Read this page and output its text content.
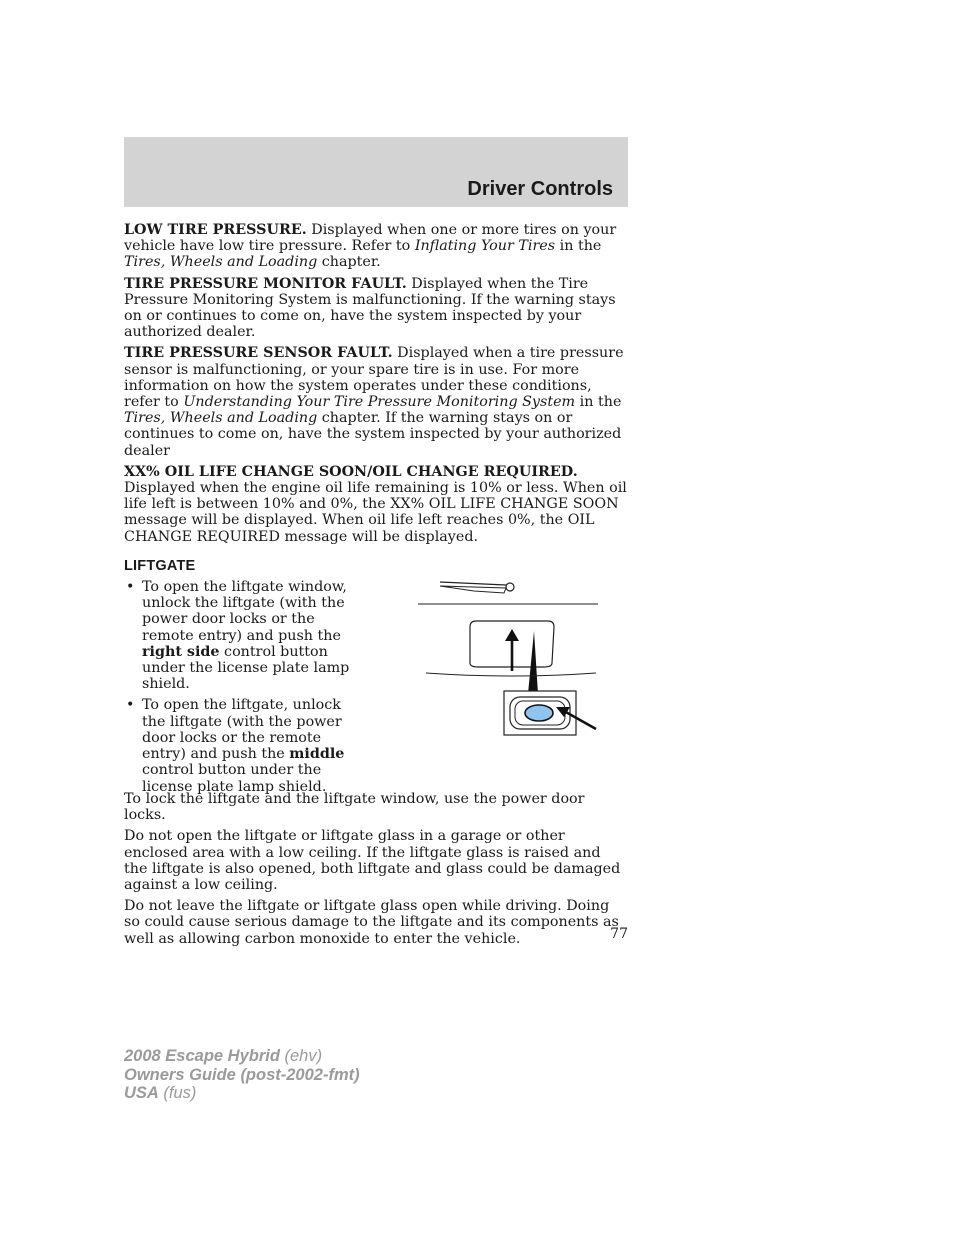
Driver Controls

LOW TIRE PRESSURE. Displayed when one or more tires on your vehicle have low tire pressure. Refer to Inflating Your Tires in the Tires, Wheels and Loading chapter.

TIRE PRESSURE MONITOR FAULT. Displayed when the Tire Pressure Monitoring System is malfunctioning. If the warning stays on or continues to come on, have the system inspected by your authorized dealer.

TIRE PRESSURE SENSOR FAULT. Displayed when a tire pressure sensor is malfunctioning, or your spare tire is in use. For more information on how the system operates under these conditions, refer to Understanding Your Tire Pressure Monitoring System in the Tires, Wheels and Loading chapter. If the warning stays on or continues to come on, have the system inspected by your authorized dealer

XX% OIL LIFE CHANGE SOON/OIL CHANGE REQUIRED.
Displayed when the engine oil life remaining is 10% or less. When oil life left is between 10% and 0%, the XX% OIL LIFE CHANGE SOON message will be displayed. When oil life left reaches 0%, the OIL CHANGE REQUIRED message will be displayed.

LIFTGATE
• To open the liftgate window, unlock the liftgate (with the power door locks or the remote entry) and push the right side control button under the license plate lamp shield.
• To open the liftgate, unlock the liftgate (with the power door locks or the remote entry) and push the middle control button under the license plate lamp shield.

To lock the liftgate and the liftgate window, use the power door locks.

Do not open the liftgate or liftgate glass in a garage or other enclosed area with a low ceiling. If the liftgate glass is raised and the liftgate is also opened, both liftgate and glass could be damaged against a low ceiling.

Do not leave the liftgate or liftgate glass open while driving. Doing so could cause serious damage to the liftgate and its components as well as allowing carbon monoxide to enter the vehicle.	77
2008 Escape Hybrid (ehv)
Owners Guide (post-2002-fmt)
USA (fus)
